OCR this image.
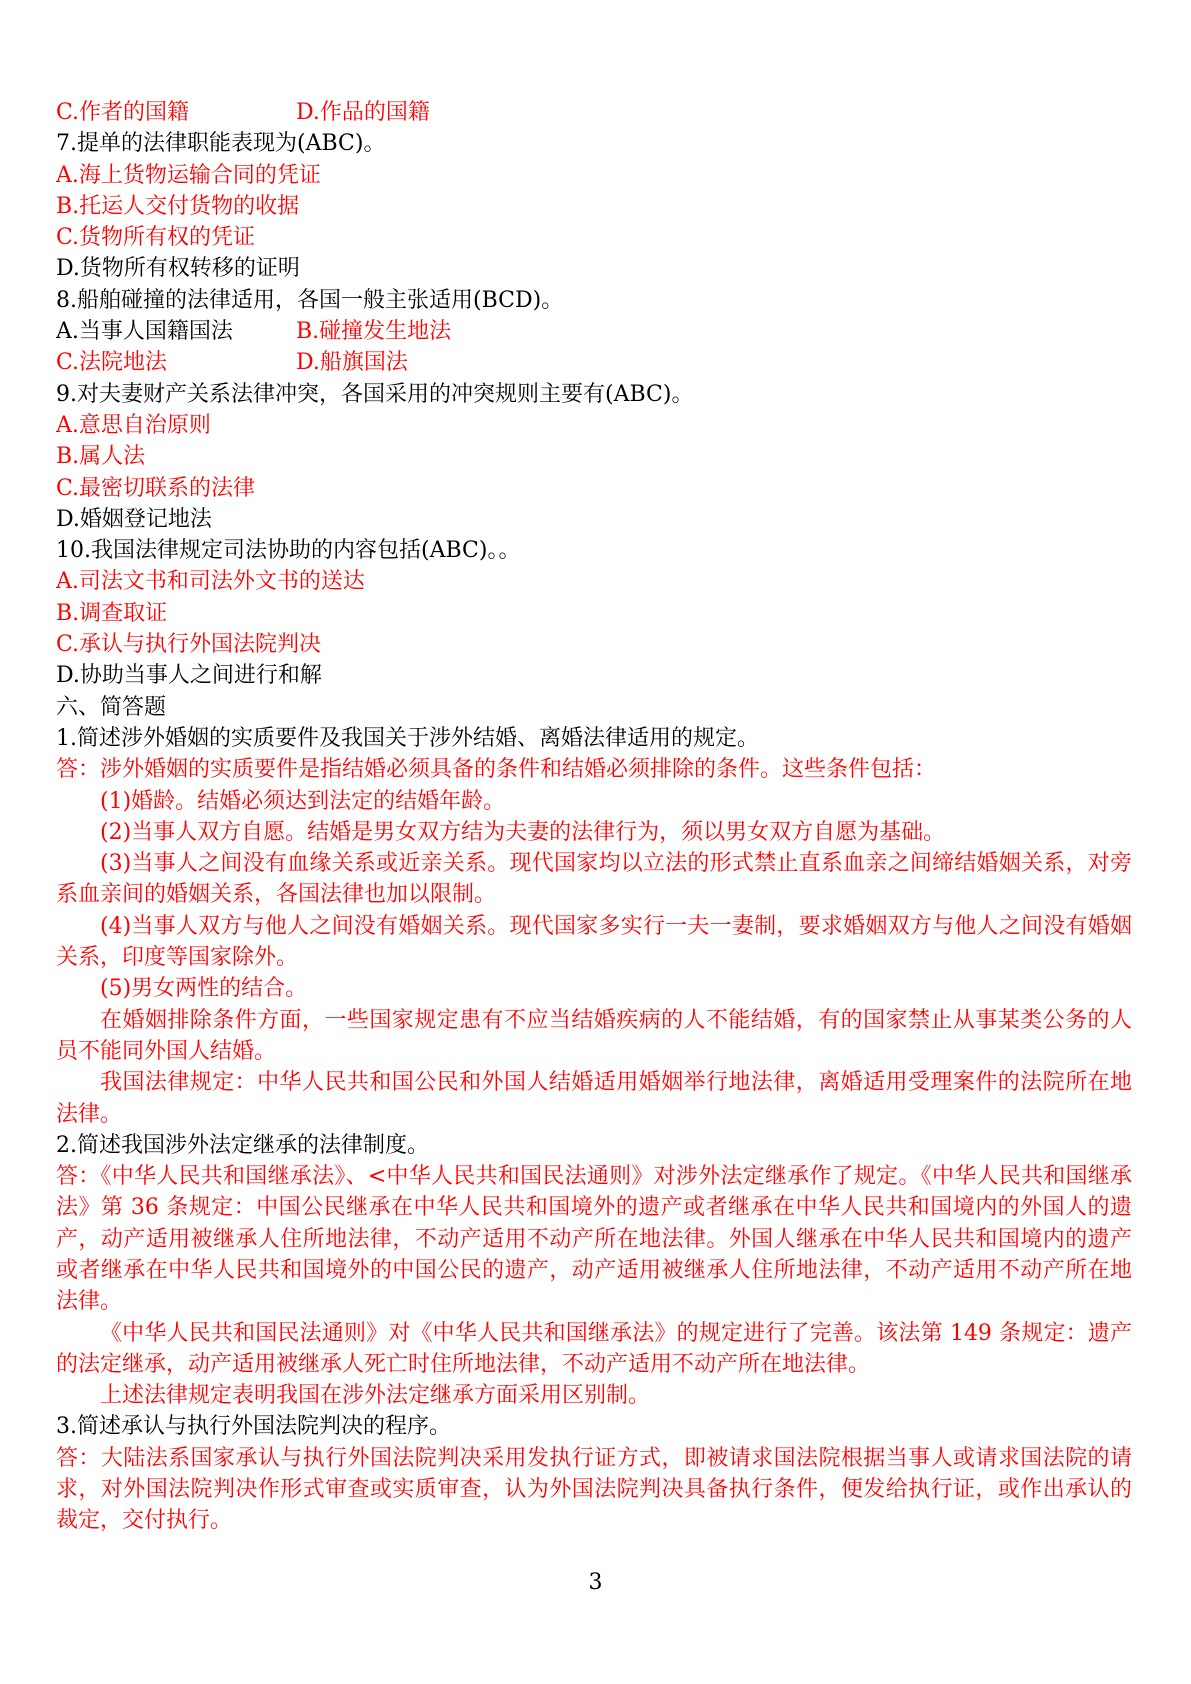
C.作者的国籍	D.作品的国籍
7.提单的法律职能表现为(ABC)。
A.海上货物运输合同的凭证
B.托运人交付货物的收据
C.货物所有权的凭证
D.货物所有权转移的证明
8.船舶碰撞的法律适用，各国一般主张适用(BCD)。
A.当事人国籍国法	B.碰撞发生地法
C.法院地法	D.船旗国法
9.对夫妻财产关系法律冲突，各国采用的冲突规则主要有(ABC)。
A.意思自治原则
B.属人法
C.最密切联系的法律
D.婚姻登记地法
10.我国法律规定司法协助的内容包括(ABC)。。
A.司法文书和司法外文书的送达
B.调查取证
C.承认与执行外国法院判决
D.协助当事人之间进行和解
六、简答题
1.简述涉外婚姻的实质要件及我国关于涉外结婚、离婚法律适用的规定。
答：涉外婚姻的实质要件是指结婚必须具备的条件和结婚必须排除的条件。这些条件包括：
(1)婚龄。结婚必须达到法定的结婚年龄。
(2)当事人双方自愿。结婚是男女双方结为夫妻的法律行为，须以男女双方自愿为基础。
(3)当事人之间没有血缘关系或近亲关系。现代国家均以立法的形式禁止直系血亲之间缔结婚姻关系，对旁系血亲间的婚姻关系，各国法律也加以限制。
(4)当事人双方与他人之间没有婚姻关系。现代国家多实行一夫一妻制，要求婚姻双方与他人之间没有婚姻关系，印度等国家除外。
(5)男女两性的结合。
在婚姻排除条件方面，一些国家规定患有不应当结婚疾病的人不能结婚，有的国家禁止从事某类公务的人员不能同外国人结婚。
我国法律规定：中华人民共和国公民和外国人结婚适用婚姻举行地法律，离婚适用受理案件的法院所在地法律。
2.简述我国涉外法定继承的法律制度。
答：《中华人民共和国继承法》、<中华人民共和国民法通则》对涉外法定继承作了规定。《中华人民共和国继承法》第 36 条规定：中国公民继承在中华人民共和国境外的遗产或者继承在中华人民共和国境内的外国人的遗产，动产适用被继承人住所地法律，不动产适用不动产所在地法律。外国人继承在中华人民共和国境内的遗产或者继承在中华人民共和国境外的中国公民的遗产，动产适用被继承人住所地法律，不动产适用不动产所在地法律。
《中华人民共和国民法通则》对《中华人民共和国继承法》的规定进行了完善。该法第 149 条规定：遗产的法定继承，动产适用被继承人死亡时住所地法律，不动产适用不动产所在地法律。
上述法律规定表明我国在涉外法定继承方面采用区别制。
3.简述承认与执行外国法院判决的程序。
答：大陆法系国家承认与执行外国法院判决采用发执行证方式，即被请求国法院根据当事人或请求国法院的请求，对外国法院判决作形式审查或实质审查，认为外国法院判决具备执行条件，便发给执行证，或作出承认的裁定，交付执行。
3
